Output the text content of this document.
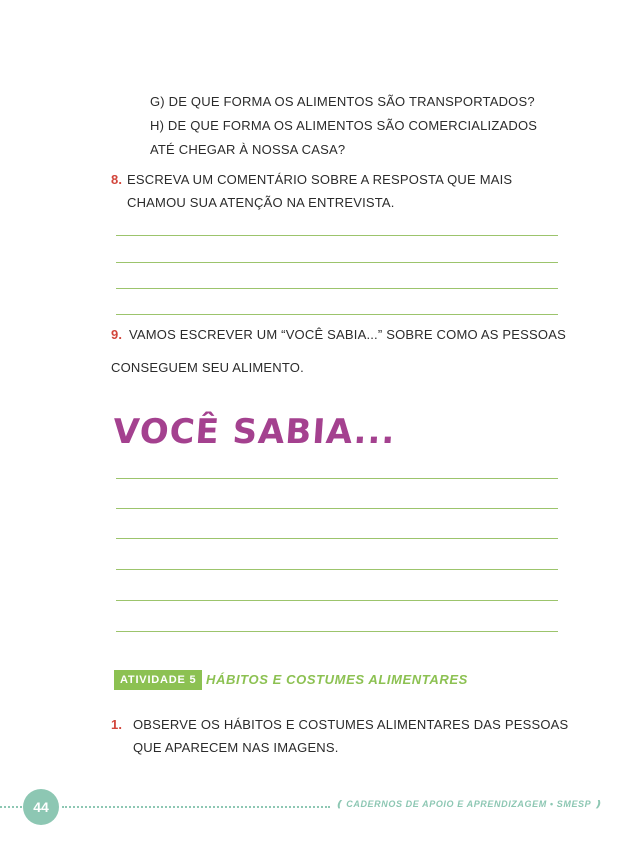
G) DE QUE FORMA OS ALIMENTOS SÃO TRANSPORTADOS?
H) DE QUE FORMA OS ALIMENTOS SÃO COMERCIALIZADOS
ATÉ CHEGAR À NOSSA CASA?
8. ESCREVA UM COMENTÁRIO SOBRE A RESPOSTA QUE MAIS
CHAMOU SUA ATENÇÃO NA ENTREVISTA.
9. VAMOS ESCREVER UM “VOCÊ SABIA...” SOBRE COMO AS PESSOAS
CONSEGUEM SEU ALIMENTO.
VOCÊ SABIA...
ATIVIDADE 5 HÁBITOS E COSTUMES ALIMENTARES
1. OBSERVE OS HÁBITOS E COSTUMES ALIMENTARES DAS PESSOAS
QUE APARECEM NAS IMAGENS.
44	❪ CADERNOS DE APOIO E APRENDIZAGEM • SMESP ❫
